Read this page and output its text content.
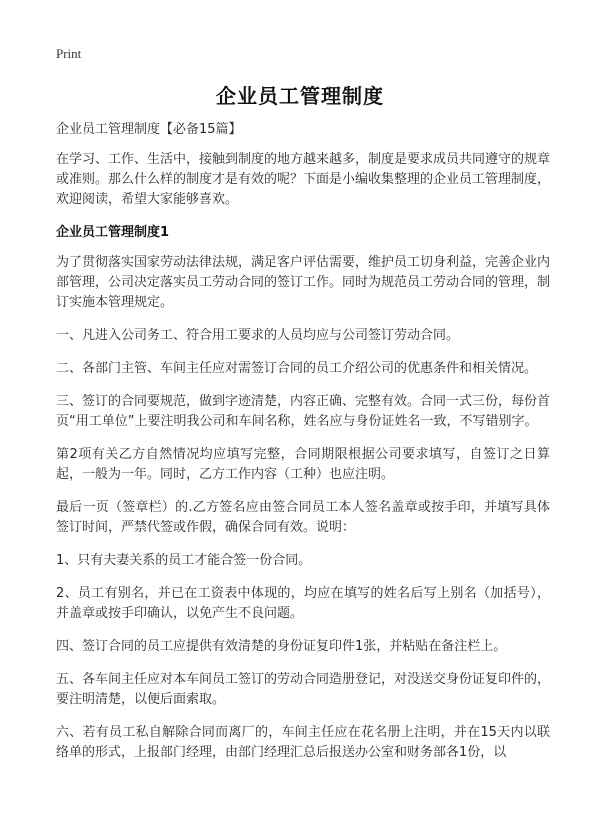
Print
企业员工管理制度

企业员工管理制度【必备15篇】

在学习、工作、生活中，接触到制度的地方越来越多，制度是要求成员共同遵守的规章或准则。那么什么样的制度才是有效的呢？下面是小编收集整理的企业员工管理制度，欢迎阅读，希望大家能够喜欢。

企业员工管理制度1

为了贯彻落实国家劳动法律法规，满足客户评估需要，维护员工切身利益，完善企业内部管理，公司决定落实员工劳动合同的签订工作。同时为规范员工劳动合同的管理，制订实施本管理规定。

一、凡进入公司务工、符合用工要求的人员均应与公司签订劳动合同。

二、各部门主管、车间主任应对需签订合同的员工介绍公司的优惠条件和相关情况。

三、签订的合同要规范，做到字迹清楚，内容正确、完整有效。合同一式三份，每份首页“用工单位”上要注明我公司和车间名称，姓名应与身份证姓名一致，不写错别字。

第2项有关乙方自然情况均应填写完整，合同期限根据公司要求填写，自签订之日算起，一般为一年。同时，乙方工作内容（工种）也应注明。

最后一页（签章栏）的.乙方签名应由签合同员工本人签名盖章或按手印，并填写具体签订时间，严禁代签或作假，确保合同有效。说明：

1、只有夫妻关系的员工才能合签一份合同。

2、员工有别名，并已在工资表中体现的，均应在填写的姓名后写上别名（加括号），并盖章或按手印确认，以免产生不良问题。

四、签订合同的员工应提供有效清楚的身份证复印件1张，并粘贴在备注栏上。

五、各车间主任应对本车间员工签订的劳动合同造册登记，对没送交身份证复印件的，要注明清楚，以便后面索取。

六、若有员工私自解除合同而离厂的，车间主任应在花名册上注明，并在15天内以联络单的形式，上报部门经理，由部门经理汇总后报送办公室和财务部各1份，以
